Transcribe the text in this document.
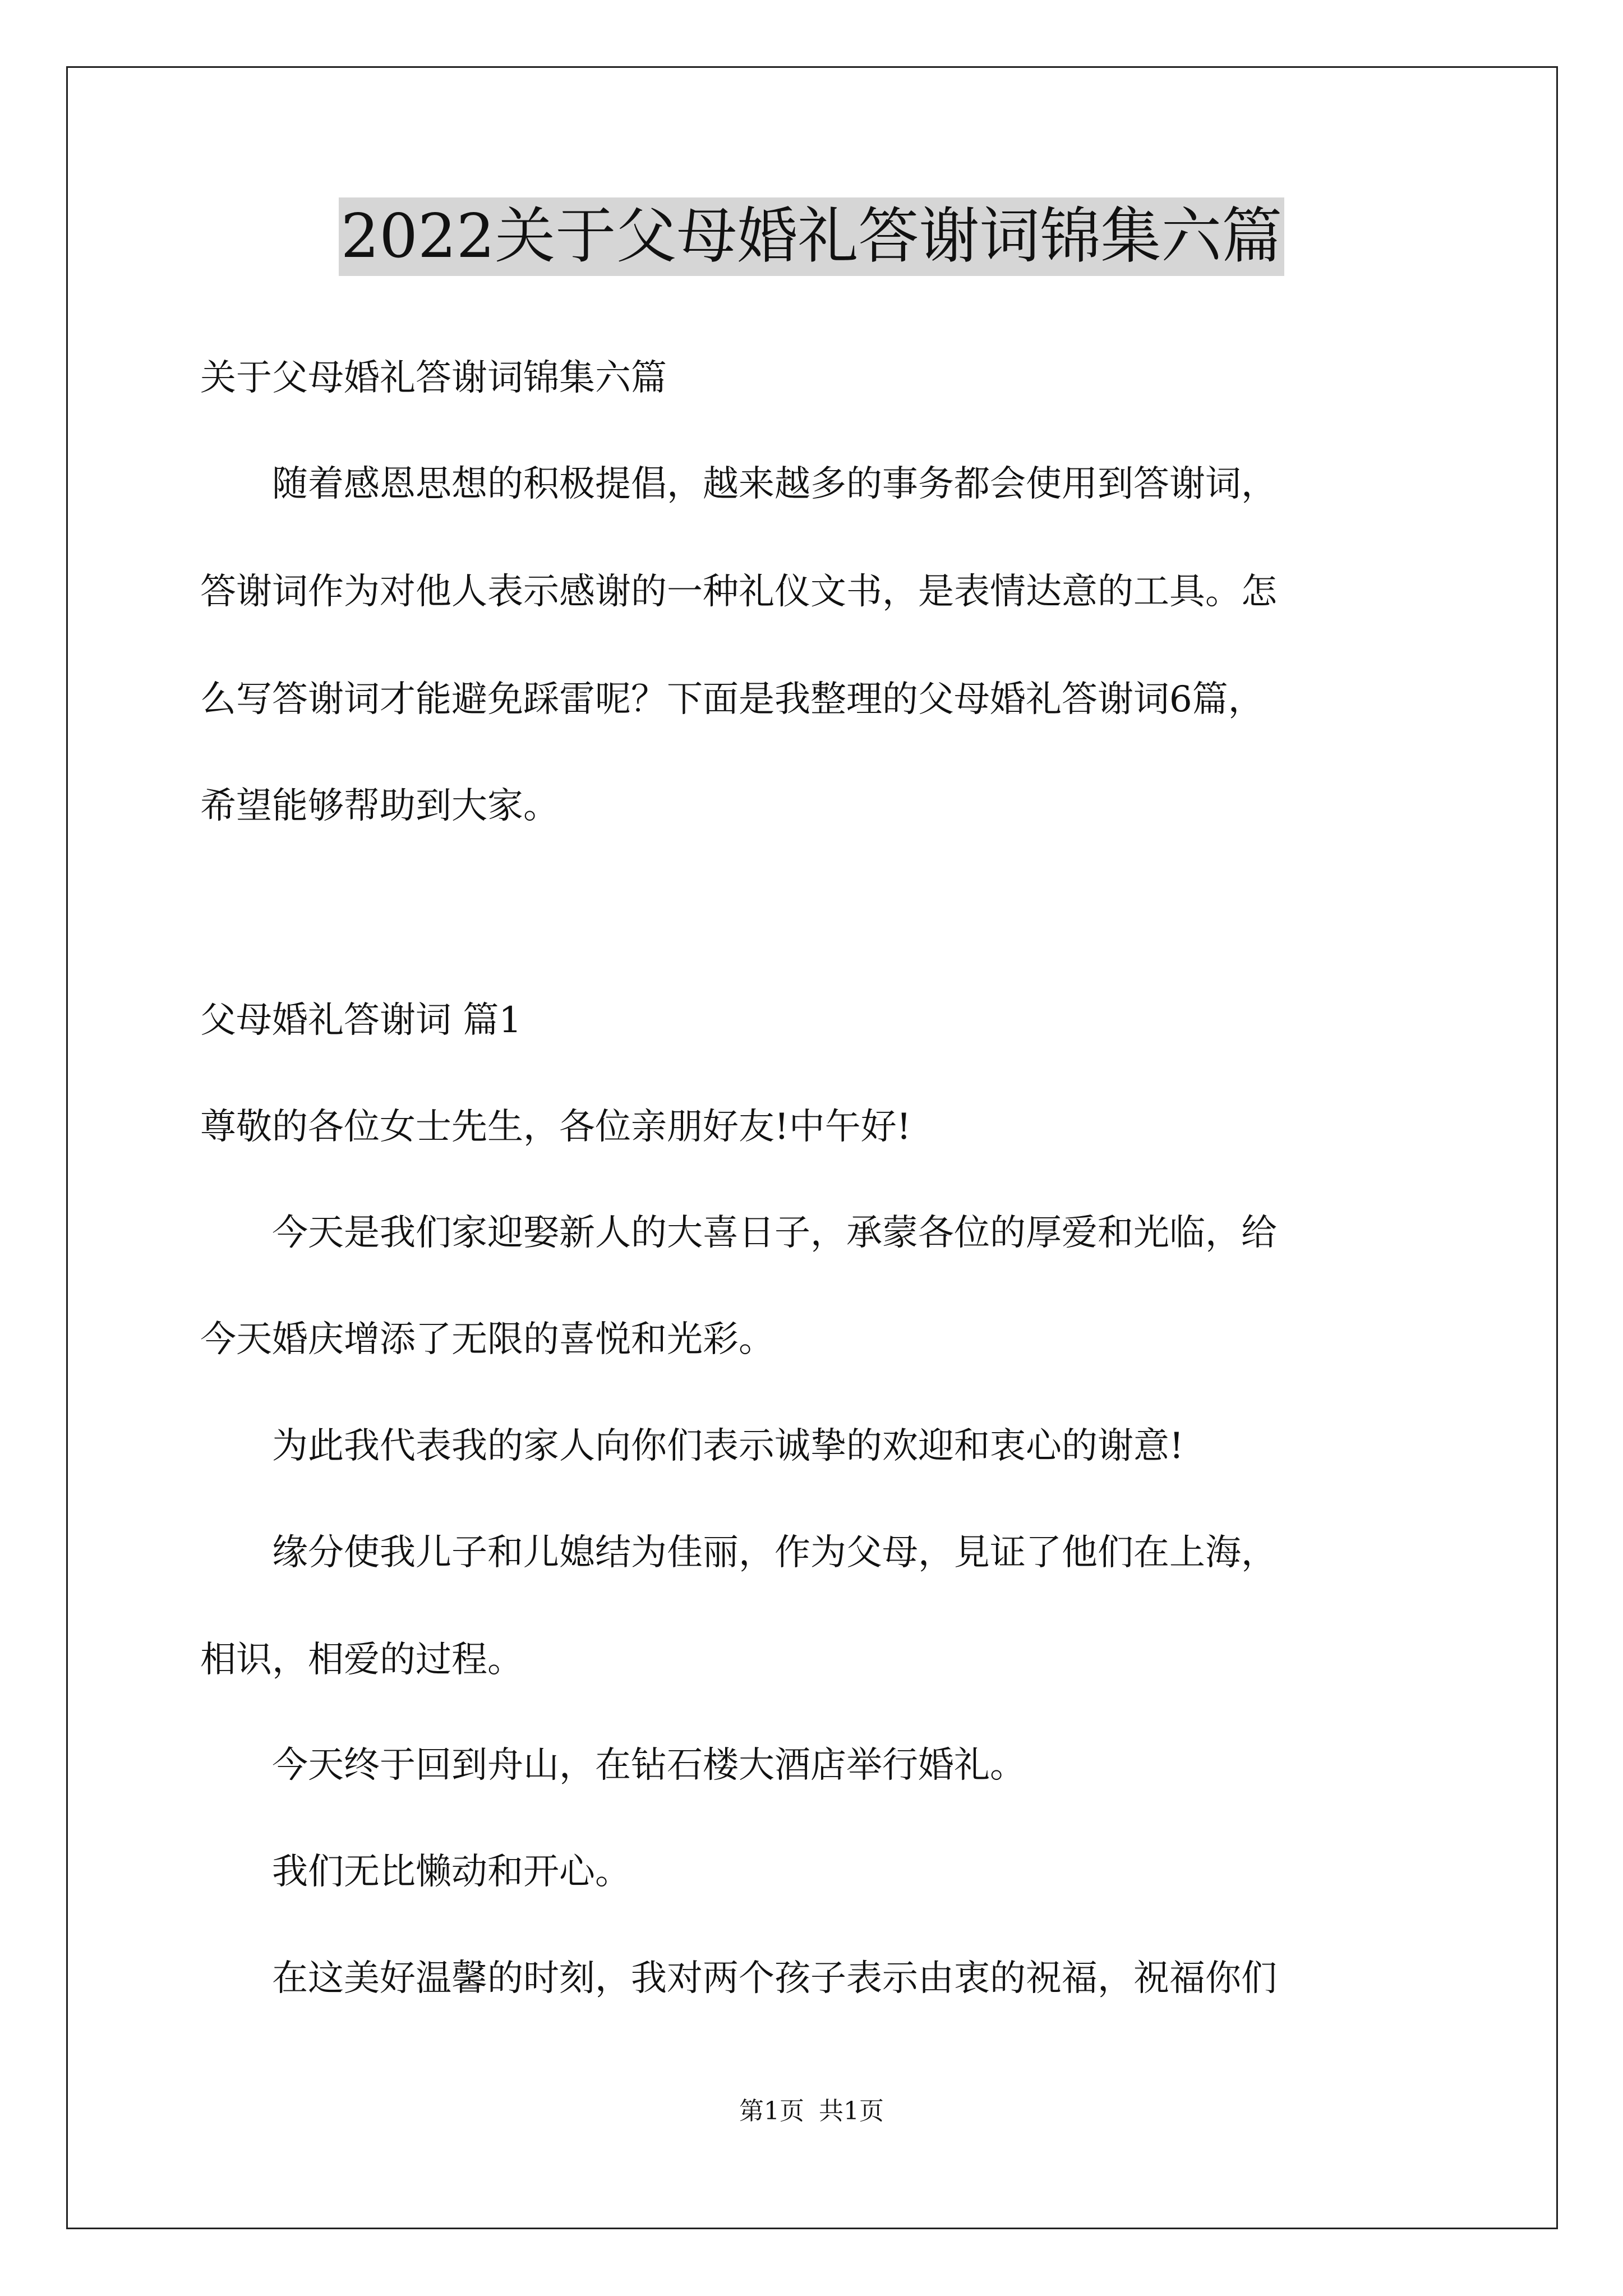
2022关于父母婚礼答谢词锦集六篇
关于父母婚礼答谢词锦集六篇
　　随着感恩思想的积极提倡，越来越多的事务都会使用到答谢词，
答谢词作为对他人表示感谢的一种礼仪文书，是表情达意的工具。怎
么写答谢词才能避免踩雷呢？下面是我整理的父母婚礼答谢词6篇，
希望能够帮助到大家。
父母婚礼答谢词 篇1
尊敬的各位女士先生，各位亲朋好友!中午好!
　　今天是我们家迎娶新人的大喜日子，承蒙各位的厚爱和光临，给
今天婚庆增添了无限的喜悦和光彩。
　　为此我代表我的家人向你们表示诚挚的欢迎和衷心的谢意!
　　缘分使我儿子和儿媳结为佳丽，作为父母，見证了他们在上海，
相识，相爱的过程。
　　今天终于回到舟山，在钻石楼大酒店举行婚礼。
　　我们无比懒动和开心。
　　在这美好温馨的时刻，我对两个孩子表示由衷的祝福，祝福你们
第1页 共1页
